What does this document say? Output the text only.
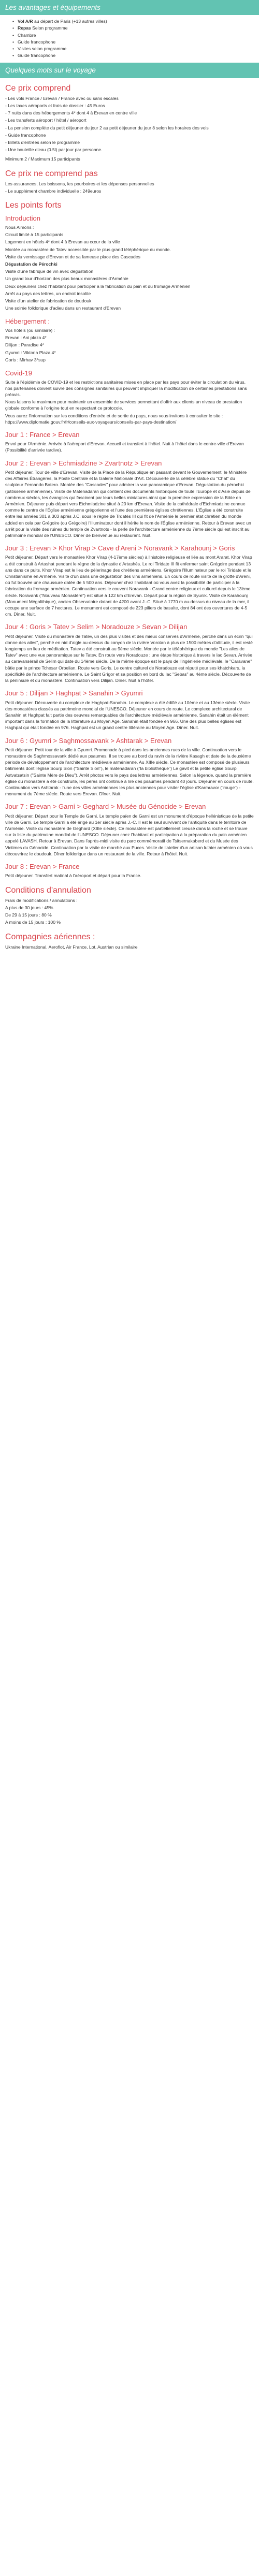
Les avantages et équipements
• Vol A/R au départ de Paris (+13 autres villes)
• Repas Selon programme
• Chambre
• Guide francophone
• Visites selon programme
• Guide francophone
Quelques mots sur le voyage
Ce prix comprend

- Les vols France / Erevan / France avec ou sans escales

- Les taxes aéroports et frais de dossier : 45 Euros

- 7 nuits dans des hébergements 4* dont 4 à Erevan en centre ville

- Les transferts aéroport / hôtel / aéroport

- La pension complète du petit déjeuner du jour 2 au petit déjeuner du jour 8 selon les horaires des vols

- Guide francophone

- Billets d'entrées selon le programme

- Une bouteille d'eau (0.5l) par jour par personne.

Minimum 2 / Maximum 15 participants

Ce prix ne comprend pas

Les assurances, Les boissons, les pourboires et les dépenses personnelles

- Le supplément chambre individuelle : 249euros

Les points forts
Introduction

Nous Aimons :

Circuit limité à 15 participants

Logement en hôtels 4* dont 4 à Erevan au cœur de la ville

Montée au monastère de Tatev accessible par le plus grand téléphérique du monde.

Visite du vernissage d'Erevan et de sa fameuse place des Cascades

Dégustation de Pérochki

Visite d'une fabrique de vin avec dégustation

Un grand tour d'horizon des plus beaux monastères d'Arménie

Deux déjeuners chez l'habitant pour participer à la fabrication du pain et du fromage Arménien

Arrêt au pays des lettres, un endroit insolite

Visite d'un atelier de fabrication de doudouk

Une soirée folklorique d'adieu dans un restaurant d'Erevan

Hébergement :

Vos hôtels (ou similaire) :

Erevan : Ani plaza 4*

Dilijan : Paradise 4*

Gyumri : Viktoria Plaza 4*

Goris : Mirhav 3*sup

Covid-19

Suite à l'épidémie de COVID-19 et les restrictions sanitaires mises en place par les pays pour éviter la circulation du virus, nos partenaires doivent suivre des consignes sanitaires qui peuvent impliquer la modification de certaines prestations sans préavis.

Nous faisons le maximum pour maintenir un ensemble de services permettant d'offrir aux clients un niveau de prestation globale conforme à l'origine tout en respectant ce protocole.

Vous aurez l'information sur les conditions d'entrée et de sortie du pays, nous vous invitons à consulter le site : https://www.diplomatie.gouv.fr/fr/conseils-aux-voyageurs/conseils-par-pays-destination/

Jour 1 : France > Erevan

Envol pour l'Arménie. Arrivée à l'aéroport d'Erevan. Accueil et transfert à l'hôtel. Nuit à l'hôtel dans le centre-ville d'Erevan (Possibilité d'arrivée tardive).

Jour 2 : Erevan > Echmiadzine > Zvartnotz > Erevan

Petit déjeuner. Tour de ville d'Erevan. Visite de la Place de la République en passant devant le Gouvernement, le Ministère des Affaires Étrangères, la Poste Centrale et la Galerie Nationale d'Art. Découverte de la célèbre statue du "Chat" du sculpteur Fernando Botero. Montée des "Cascades" pour admirer la vue panoramique d'Erevan. Dégustation du pérochki (pâtisserie arménienne). Visite de Matenadaran qui contient des documents historiques de toute l'Europe et d'Asie depuis de nombreux siècles, les évangiles qui fascinent par leurs belles miniatures ainsi que la première expression de la Bible en Arménien. Déjeuner puis départ vers Etchmiadzine situé à 20 km d'Erevan. Visite de la cathédrale d'Etchmiadzine connue comme le centre de l'Église arménienne grégorienne et l'une des premières églises chrétiennes. L'Église a été construite entre les années 301 à 303 après J.C. sous le règne de Trdatès III qui fit de l'Arménie le premier état chrétien du monde added en cela par Grégoire (ou Grégoire) l'Illuminateur dont il hérite le nom de l'Église arménienne. Retour à Erevan avec un arrêt pour la visite des ruines du temple de Zvartnots - la perle de l'architecture arménienne du 7ème siècle qui est inscrit au patrimoine mondial de l'UNESCO. Dîner de bienvenue au restaurant. Nuit.

Jour 3 : Erevan > Khor Virap > Cave d'Areni > Noravank > Karahounj > Goris

Petit déjeuner. Départ vers le monastère Khor Virap (4-17ème siècles) à l'histoire religieuse et liée au mont Ararat. Khor Virap a été construit à Artashat pendant le règne de la dynastie d'Artashès. Le roi Tiridate III fit enfermer saint Grégoire pendant 13 ans dans ce puits. Khor Virap est le lieu de pèlerinage des chrétiens arméniens. Grégoire l'Illuminateur par le roi Tiridate et le Christianisme en Arménie. Visite d'un dans une dégustation des vins arméniens. En cours de route visite de la grotte d'Areni, où fut trouvée une chaussure datée de 5 500 ans. Déjeuner chez l'habitant où vous avez la possibilité de participer à la fabrication du fromage arménien. Continuation vers le couvent Noravank - Grand centre religieux et culturel depuis le 13ème siècle. Noravank ("Nouveau Monastère") est situé à 122 km d'Erevan. Départ pour la région de Syunik. Visite de Karahounj (Monument Mégalithique), ancien Observatoire datant de 4200 avant J.-C. Situé à 1770 m au-dessus du niveau de la mer, il occupe une surface de 7 hectares. Le monument est composé de 223 piliers de basalte, dont 84 ont des ouvertures de 4-5 cm. Dîner. Nuit.

Jour 4 : Goris > Tatev > Selim > Noradouze > Sevan > Dilijan

Petit déjeuner. Visite du monastère de Tatev, un des plus visités et des mieux conservés d'Arménie, perché dans un écrin "qui donne des ailes", perché en nid d'aigle au-dessus du canyon de la rivière Vorotan à plus de 1500 mètres d'altitude, il est resté longtemps un lieu de méditation. Tatev a été construit au 9ème siècle. Montée par le téléphérique du monde "Les ailes de Tatev" avec une vue panoramique sur le Tatev. En route vers Noradouze : une étape historique à travers le lac Sevan. Arrivée au caravansérail de Selim qui date du 14ème siècle. De la même époque est le pays de l'ingénierie médiévale, le "Caravane" bâtie par le prince Tchesar Orbelian. Route vers Goris. Le centre culturel de Noradouze est réputé pour ses khatchkars, la spécificité de l'architecture arménienne. Le Saint Grigor et sa position en bord du lac "Sebas" au 4ème siècle. Découverte de la péninsule et du monastère. Continuation vers Dilijan. Dîner. Nuit à l'hôtel.

Jour 5 : Dilijan > Haghpat > Sanahin > Gyumri

Petit déjeuner. Découverte du complexe de Haghpat-Sanahin. Le complexe a été édifié au 10ème et au 13ème siècle. Visite des monastères classés au patrimoine mondial de l'UNESCO. Déjeuner en cours de route. Le complexe architectural de Sanahin et Haghpat fait partie des oeuvres remarquables de l'architecture médiévale arménienne. Sanahin était un élément important dans la formation de la littérature au Moyen Age. Sanahin était fondée en 966. Une des plus belles églises est Haghpat qui était fondée en 976. Haghpat est un grand centre littéraire au Moyen Age. Dîner. Nuit.

Jour 6 : Gyumri > Saghmossavank > Ashtarak > Erevan

Petit déjeuner. Petit tour de la ville à Gyumri. Promenade à pied dans les anciennes rues de la ville. Continuation vers le monastère de Saghmossavank dédié aux psaumes. Il se trouve au bord du ravin de la rivière Kasagh et date de la deuxième période de développement de l'architecture médiévale arménienne. Au XIIIe siècle. Ce monastère est composé de plusieurs bâtiments dont l'église Sourp Sion ("Sainte Sion"), le matenadaran ("la bibliothèque") Le gavit et la petite église Sourp Astvatsatsin ("Sainte Mère de Dieu"). Arrêt photos vers le pays des lettres arméniennes. Selon la légende, quand la première église du monastère a été construite, les pères ont continué à lire des psaumes pendant 40 jours. Déjeuner en cours de route. Continuation vers Ashtarak - l'une des villes arméniennes les plus anciennes pour visiter l'église d'Karmravor ("rouge") - monument du 7ème siècle. Route vers Erevan. Dîner. Nuit.

Jour 7 : Erevan > Garni > Geghard > Musée du Génocide > Erevan

Petit déjeuner. Départ pour le Temple de Garni. Le temple païen de Garni est un monument d'époque hellénistique de la petite ville de Garni. Le temple Garni a été érigé au 1er siècle après J.-C. Il est le seul survivant de l'antiquité dans le territoire de l'Arménie. Visite du monastère de Geghard (XIIIe siècle). Ce monastère est partiellement creusé dans la roche et se trouve sur la liste du patrimoine mondial de l'UNESCO. Déjeuner chez l'habitant et participation à la préparation du pain arménien appelé LAVASH. Retour à Erevan. Dans l'après-midi visite du parc commémoratif de Tsitsernakaberd et du Musée des Victimes du Génocide. Continuation par la visite de marché aux Puces. Visite de l'atelier d'un artisan luthier arménien où vous découvrirez le doudouk. Dîner folklorique dans un restaurant de la ville. Retour à l'hôtel. Nuit.

Jour 8 : Erevan > France

Petit déjeuner. Transfert matinal à l'aéroport et départ pour la France.

Conditions d'annulation

Frais de modifications / annulations :

A plus de 30 jours : 45%

De 29 à 15 jours : 80 %

A moins de 15 jours : 100 %

Compagnies aériennes :

Ukraine International, Aeroflot, Air France, Lot, Austrian ou similaire
